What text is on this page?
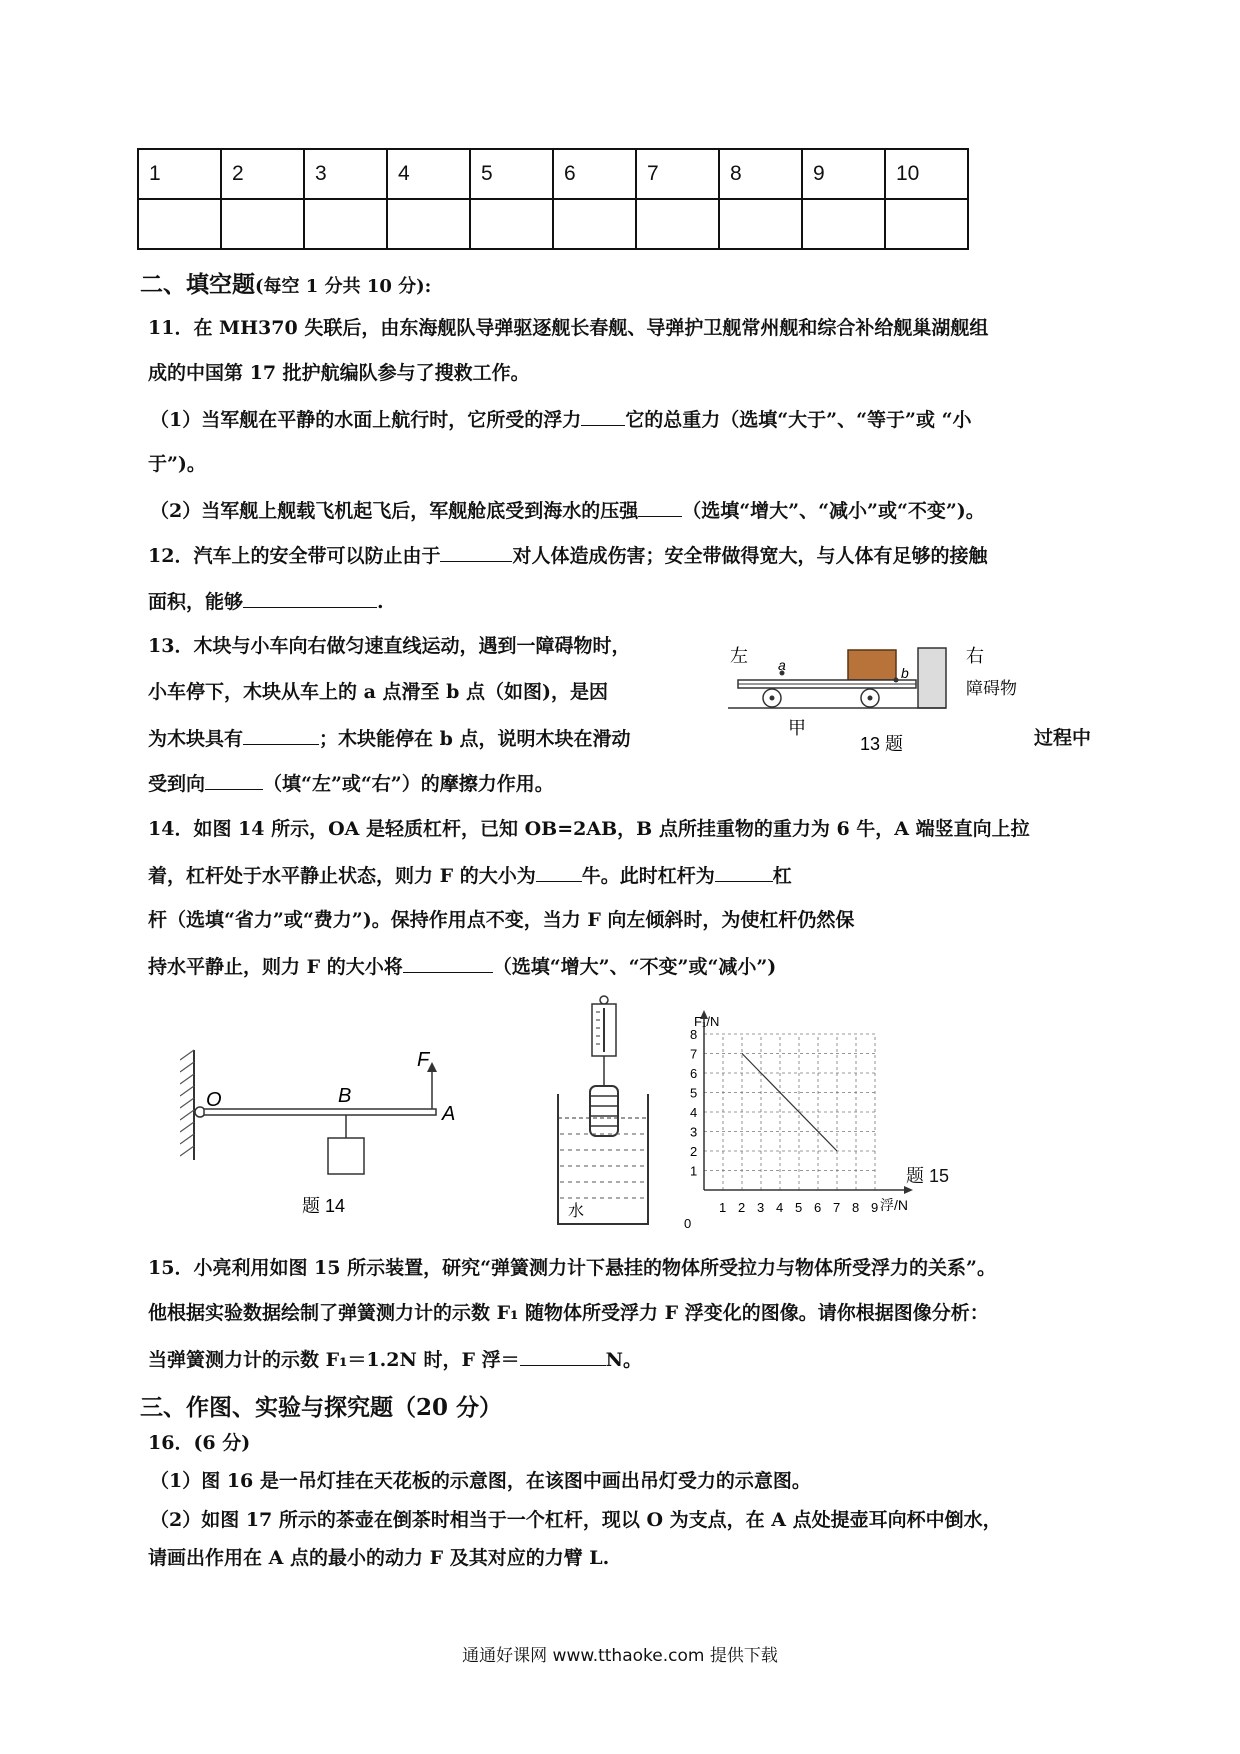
1	2	3	4	5	6	7	8	9	10

二、填空题(每空 1 分共 10 分):
11．在 MH370 失联后，由东海舰队导弹驱逐舰长春舰、导弹护卫舰常州舰和综合补给舰巢湖舰组
成的中国第 17 批护航编队参与了搜救工作。
（1）当军舰在平静的水面上航行时，它所受的浮力 它的总重力（选填“大于”、“等于”或 “小
于”)。
（2）当军舰上舰载飞机起飞后，军舰舱底受到海水的压强 （选填“增大”、“减小”或“不变”)。
12．汽车上的安全带可以防止由于	对人体造成伤害；安全带做得宽大，与人体有足够的接触
面积，能够	.
13．木块与小车向右做匀速直线运动，遇到一障碍物时，
小车停下，木块从车上的 a 点滑至 b 点（如图)，是因
为木块具有	；木块能停在 b 点，说明木块在滑动	过程中
受到向	（填“左”或“右”）的摩擦力作用。
左	右
障碍物
a	b
甲
13 题
14．如图 14 所示，OA 是轻质杠杆，已知 OB=2AB，B 点所挂重物的重力为 6 牛，A 端竖直向上拉
着，杠杆处于水平静止状态，则力 F 的大小为 牛。此时杠杆为	杠
杆（选填“省力”或“费力”)。保持作用点不变，当力 F 向左倾斜时，为使杠杆仍然保
持水平静止，则力 F 的大小将	（选填“增大”、“不变”或“减小”)
O	B
A
F
题 14	水
1
2
3
4
5
6
7
8
1 2 3 4 5 6 7 8 9
F₁/N
浮/N
0
题 15
15．小亮利用如图 15 所示装置，研究“弹簧测力计下悬挂的物体所受拉力与物体所受浮力的关系”。
他根据实验数据绘制了弹簧测力计的示数 F₁ 随物体所受浮力 F 浮变化的图像。请你根据图像分析：
当弹簧测力计的示数 F₁＝1.2N 时，F 浮＝	N。
三、作图、实验与探究题（20 分）
16．(6 分)
（1）图 16 是一吊灯挂在天花板的示意图，在该图中画出吊灯受力的示意图。
（2）如图 17 所示的茶壶在倒茶时相当于一个杠杆，现以 O 为支点，在 A 点处提壶耳向杯中倒水，
请画出作用在 A 点的最小的动力 F 及其对应的力臂 L.
通通好课网 www.tthaoke.com 提供下载
